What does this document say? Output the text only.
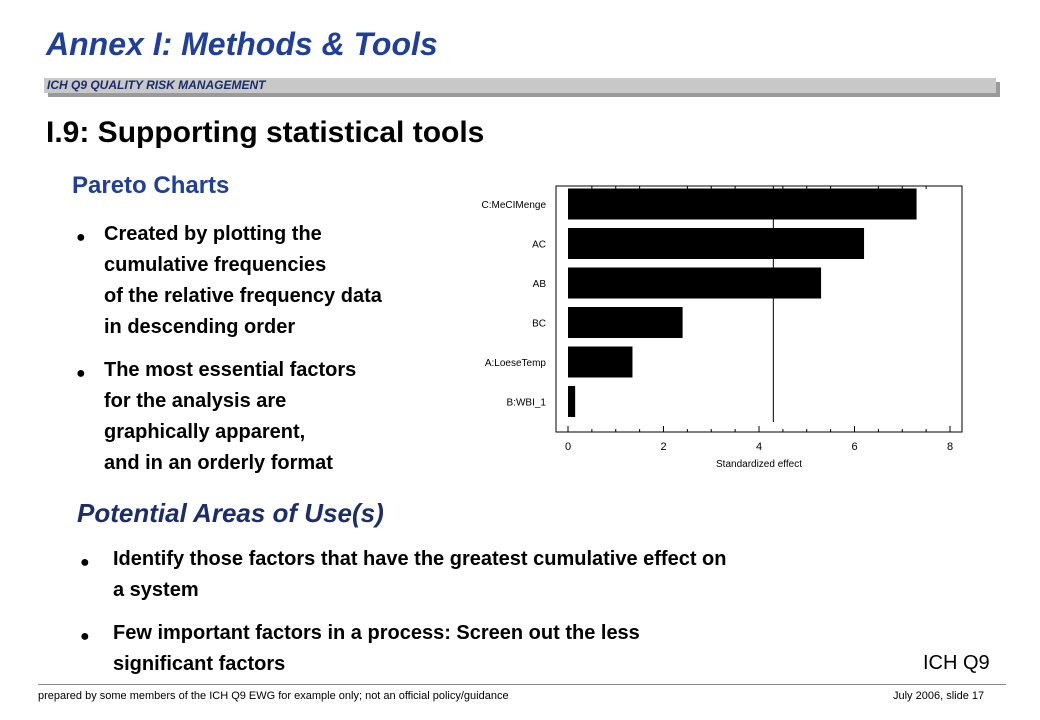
Annex I: Methods & Tools
ICH Q9 QUALITY RISK MANAGEMENT
I.9: Supporting statistical tools
Pareto Charts
● Created by plotting the
cumulative frequencies
of the relative frequency data
in descending order
● The most essential factors
for the analysis are
graphically apparent,
and in an orderly format
C:MeCIMenge
AC
AB
BC
A:LoeseTemp
B:WBI_1
0	2	4	6	8
Standardized effect
Potential Areas of Use(s)
● Identify those factors that have the greatest cumulative effect on
a system
● Few important factors in a process: Screen out the less
significant factors	ICH Q9
prepared by some members of the ICH Q9 EWG for example only; not an official policy/guidance	July 2006, slide 17
